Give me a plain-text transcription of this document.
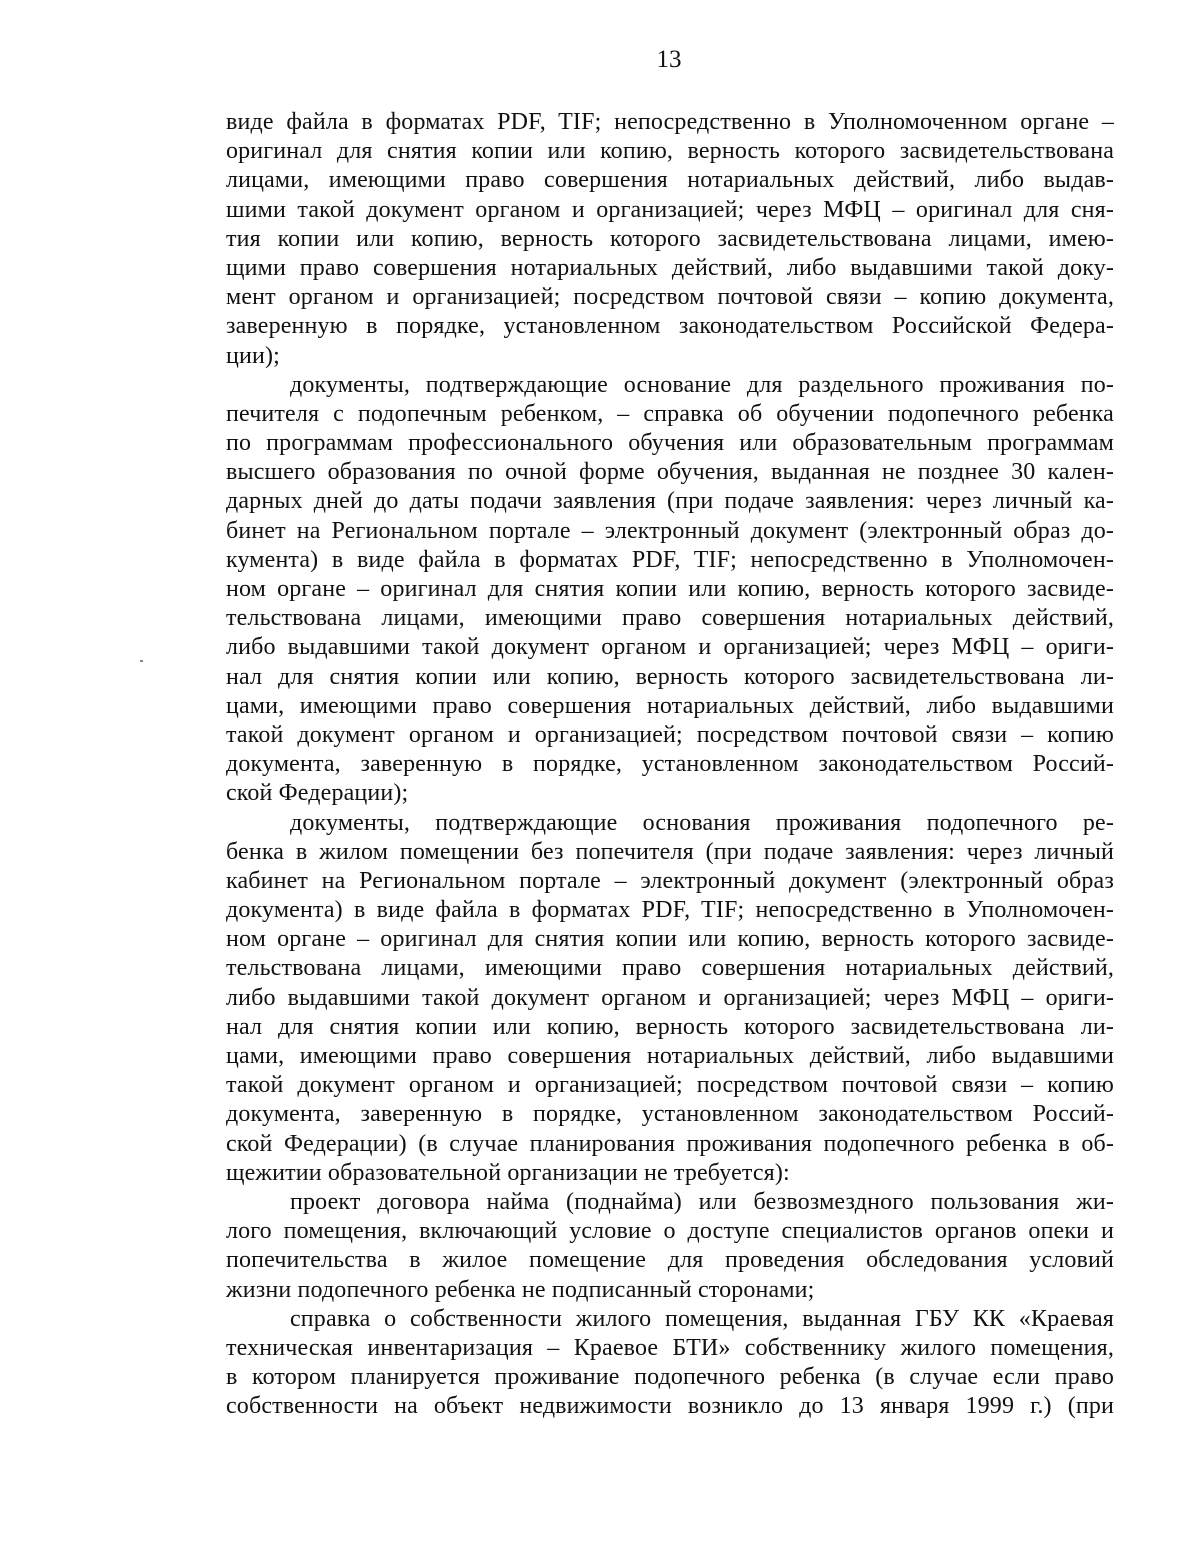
13
виде файла в форматах PDF, TIF; непосредственно в Уполномоченном органе –
оригинал для снятия копии или копию, верность которого засвидетельствована
лицами, имеющими право совершения нотариальных действий, либо выдав-
шими такой документ органом и организацией; через МФЦ – оригинал для сня-
тия копии или копию, верность которого засвидетельствована лицами, имею-
щими право совершения нотариальных действий, либо выдавшими такой доку-
мент органом и организацией; посредством почтовой связи – копию документа,
заверенную в порядке, установленном законодательством Российской Федера-
ции);
документы, подтверждающие основание для раздельного проживания по-
печителя с подопечным ребенком, – справка об обучении подопечного ребенка
по программам профессионального обучения или образовательным программам
высшего образования по очной форме обучения, выданная не позднее 30 кален-
дарных дней до даты подачи заявления (при подаче заявления: через личный ка-
бинет на Региональном портале – электронный документ (электронный образ до-
кумента) в виде файла в форматах PDF, TIF; непосредственно в Уполномочен-
ном органе – оригинал для снятия копии или копию, верность которого засвиде-
тельствована лицами, имеющими право совершения нотариальных действий,
либо выдавшими такой документ органом и организацией; через МФЦ – ориги-
нал для снятия копии или копию, верность которого засвидетельствована ли-
цами, имеющими право совершения нотариальных действий, либо выдавшими
такой документ органом и организацией; посредством почтовой связи – копию
документа, заверенную в порядке, установленном законодательством Россий-
ской Федерации);
документы, подтверждающие основания проживания подопечного ре-
бенка в жилом помещении без попечителя (при подаче заявления: через личный
кабинет на Региональном портале – электронный документ (электронный образ
документа) в виде файла в форматах PDF, TIF; непосредственно в Уполномочен-
ном органе – оригинал для снятия копии или копию, верность которого засвиде-
тельствована лицами, имеющими право совершения нотариальных действий,
либо выдавшими такой документ органом и организацией; через МФЦ – ориги-
нал для снятия копии или копию, верность которого засвидетельствована ли-
цами, имеющими право совершения нотариальных действий, либо выдавшими
такой документ органом и организацией; посредством почтовой связи – копию
документа, заверенную в порядке, установленном законодательством Россий-
ской Федерации) (в случае планирования проживания подопечного ребенка в об-
щежитии образовательной организации не требуется):
проект договора найма (поднайма) или безвозмездного пользования жи-
лого помещения, включающий условие о доступе специалистов органов опеки и
попечительства в жилое помещение для проведения обследования условий
жизни подопечного ребенка не подписанный сторонами;
справка о собственности жилого помещения, выданная ГБУ КК «Краевая
техническая инвентаризация – Краевое БТИ» собственнику жилого помещения,
в котором планируется проживание подопечного ребенка (в случае если право
собственности на объект недвижимости возникло до 13 января 1999 г.) (при
